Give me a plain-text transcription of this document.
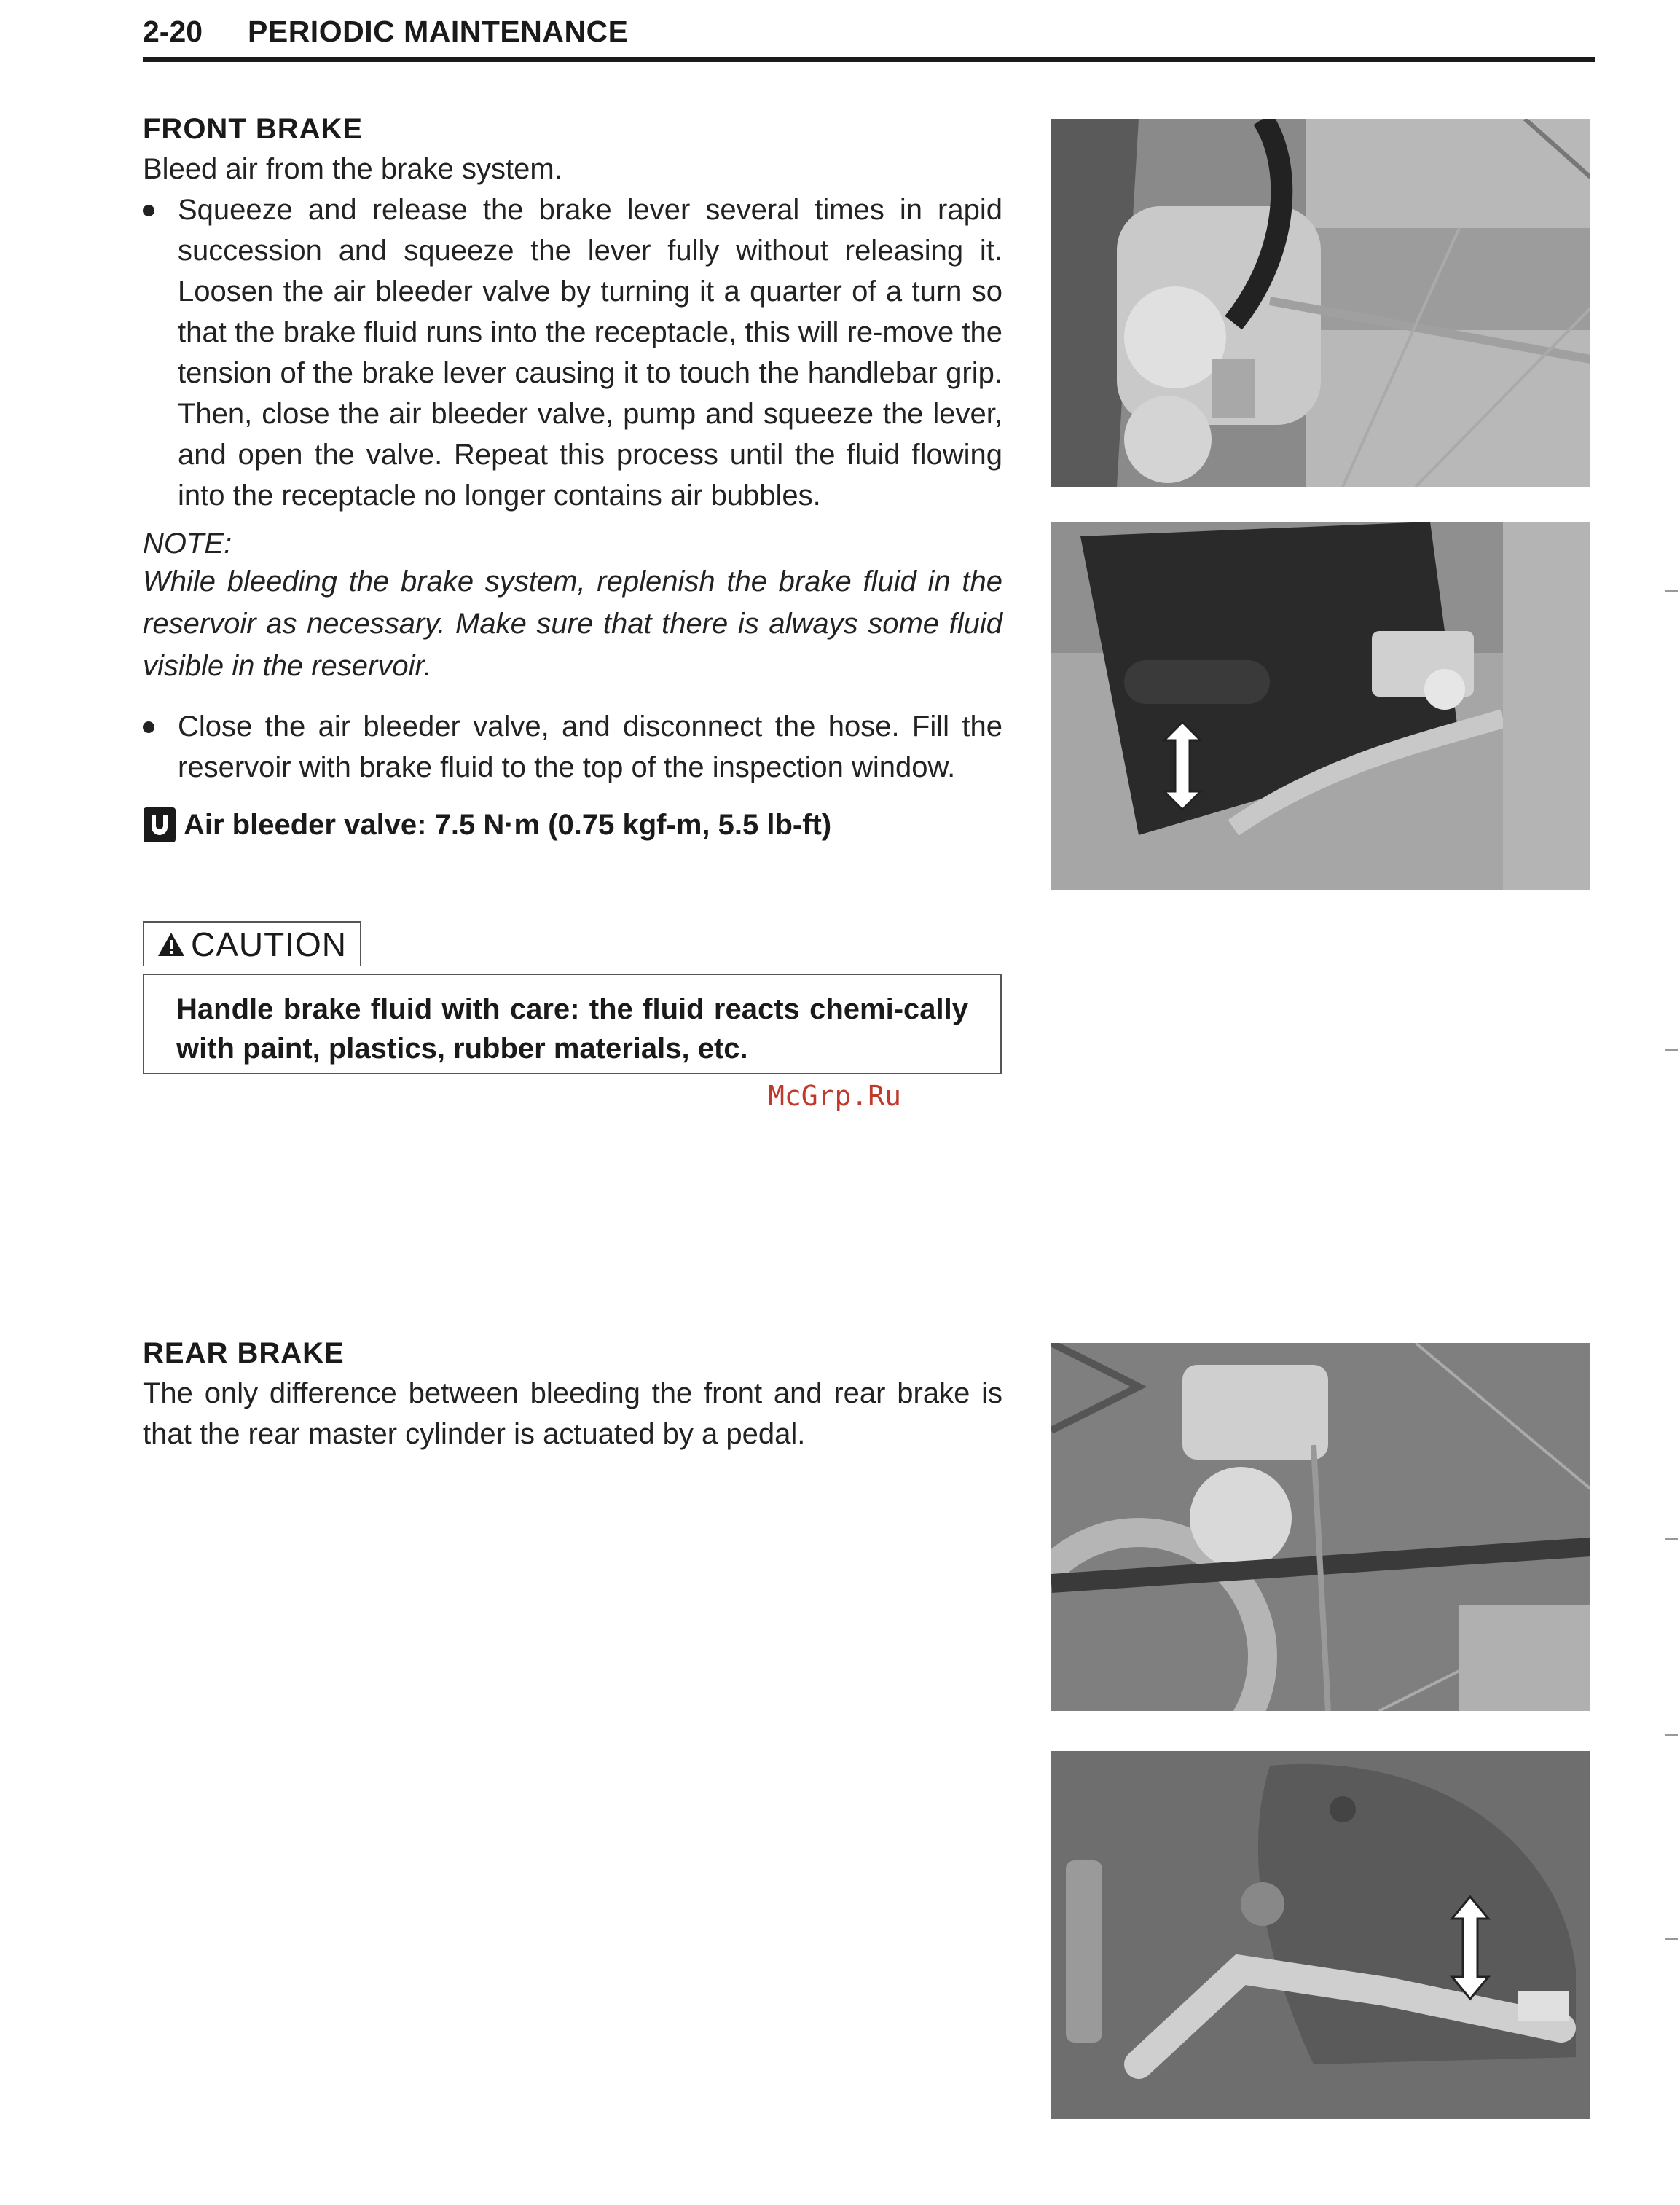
2-20 PERIODIC MAINTENANCE
FRONT BRAKE
Bleed air from the brake system.
Squeeze and release the brake lever several times in rapid succession and squeeze the lever fully without releasing it. Loosen the air bleeder valve by turning it a quarter of a turn so that the brake fluid runs into the receptacle, this will re-move the tension of the brake lever causing it to touch the handlebar grip. Then, close the air bleeder valve, pump and squeeze the lever, and open the valve. Repeat this process until the fluid flowing into the receptacle no longer contains air bubbles.
NOTE:
While bleeding the brake system, replenish the brake fluid in the reservoir as necessary. Make sure that there is always some fluid visible in the reservoir.
Close the air bleeder valve, and disconnect the hose. Fill the reservoir with brake fluid to the top of the inspection window.
Air bleeder valve: 7.5 N·m (0.75 kgf-m, 5.5 lb-ft)
CAUTION
Handle brake fluid with care: the fluid reacts chemi-cally with paint, plastics, rubber materials, etc.
McGrp.Ru
REAR BRAKE
The only difference between bleeding the front and rear brake is that the rear master cylinder is actuated by a pedal.
